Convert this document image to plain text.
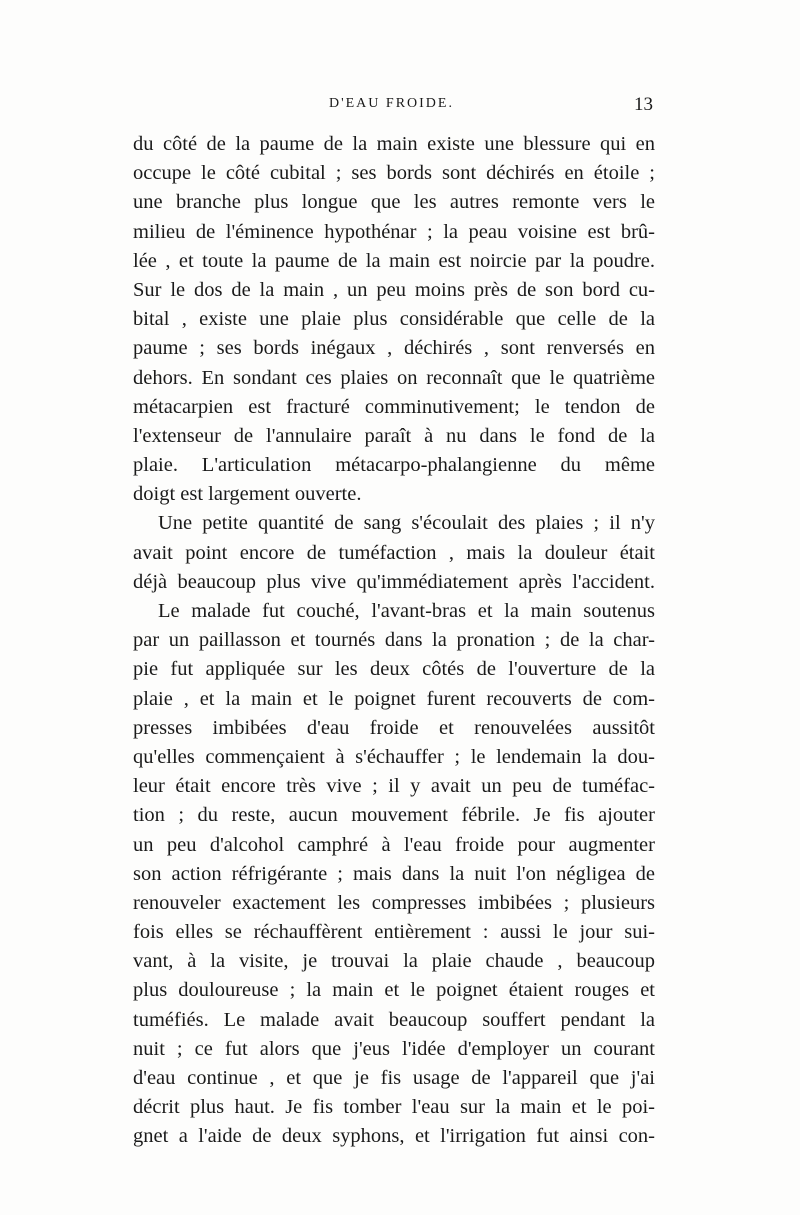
D'EAU FROIDE.	13
du côté de la paume de la main existe une blessure qui en
occupe le côté cubital ; ses bords sont déchirés en étoile ;
une branche plus longue que les autres remonte vers le
milieu de l'éminence hypothénar ; la peau voisine est brû-
lée , et toute la paume de la main est noircie par la poudre.
Sur le dos de la main , un peu moins près de son bord cu-
bital , existe une plaie plus considérable que celle de la
paume ; ses bords inégaux , déchirés , sont renversés en
dehors. En sondant ces plaies on reconnaît que le quatrième
métacarpien est fracturé comminutivement; le tendon de
l'extenseur de l'annulaire paraît à nu dans le fond de la
plaie. L'articulation métacarpo-phalangienne du même
doigt est largement ouverte.
Une petite quantité de sang s'écoulait des plaies ; il n'y
avait point encore de tuméfaction , mais la douleur était
déjà beaucoup plus vive qu'immédiatement après l'accident.
Le malade fut couché, l'avant-bras et la main soutenus
par un paillasson et tournés dans la pronation ; de la char-
pie fut appliquée sur les deux côtés de l'ouverture de la
plaie , et la main et le poignet furent recouverts de com-
presses imbibées d'eau froide et renouvelées aussitôt
qu'elles commençaient à s'échauffer ; le lendemain la dou-
leur était encore très vive ; il y avait un peu de tuméfac-
tion ; du reste, aucun mouvement fébrile. Je fis ajouter
un peu d'alcohol camphré à l'eau froide pour augmenter
son action réfrigérante ; mais dans la nuit l'on négligea de
renouveler exactement les compresses imbibées ; plusieurs
fois elles se réchauffèrent entièrement : aussi le jour sui-
vant, à la visite, je trouvai la plaie chaude , beaucoup
plus douloureuse ; la main et le poignet étaient rouges et
tuméfiés. Le malade avait beaucoup souffert pendant la
nuit ; ce fut alors que j'eus l'idée d'employer un courant
d'eau continue , et que je fis usage de l'appareil que j'ai
décrit plus haut. Je fis tomber l'eau sur la main et le poi-
gnet a l'aide de deux syphons, et l'irrigation fut ainsi con-
